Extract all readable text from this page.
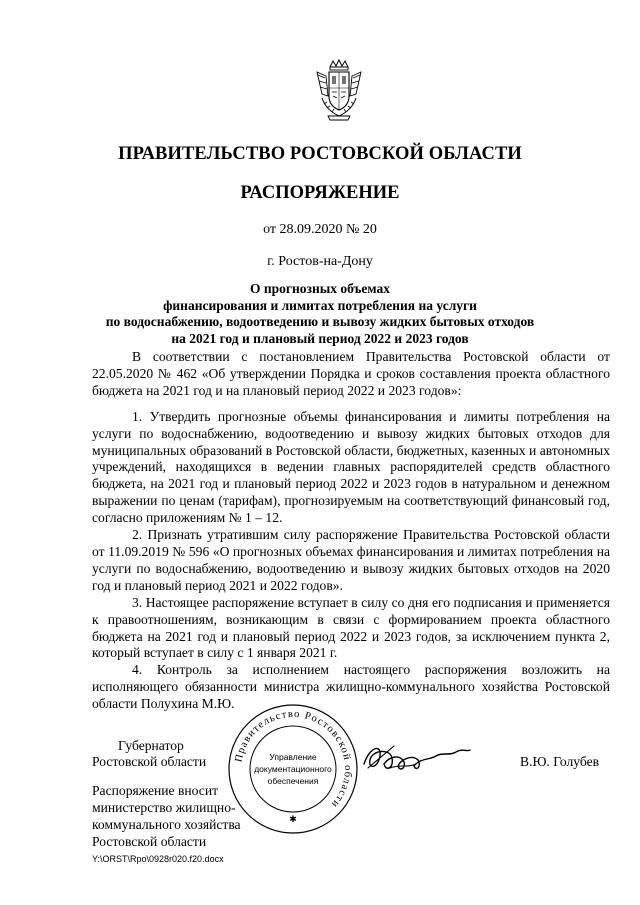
ПРАВИТЕЛЬСТВО РОСТОВСКОЙ ОБЛАСТИ
РАСПОРЯЖЕНИЕ
от 28.09.2020 № 20
г. Ростов-на-Дону
О прогнозных объемах
финансирования и лимитах потребления на услуги
по водоснабжению, водоотведению и вывозу жидких бытовых отходов
на 2021 год и плановый период 2022 и 2023 годов

В соответствии с постановлением Правительства Ростовской области от 22.05.2020 № 462 «Об утверждении Порядка и сроков составления проекта областного бюджета на 2021 год и на плановый период 2022 и 2023 годов»:

1. Утвердить прогнозные объемы финансирования и лимиты потребления на услуги по водоснабжению, водоотведению и вывозу жидких бытовых отходов для муниципальных образований в Ростовской области, бюджетных, казенных и автономных учреждений, находящихся в ведении главных распорядителей средств областного бюджета, на 2021 год и плановый период 2022 и 2023 годов в натуральном и денежном выражении по ценам (тарифам), прогнозируемым на соответствующий финансовый год, согласно приложениям № 1 – 12.

2. Признать утратившим силу распоряжение Правительства Ростовской области от 11.09.2019 № 596 «О прогнозных объемах финансирования и лимитах потребления на услуги по водоснабжению, водоотведению и вывозу жидких бытовых отходов на 2020 год и плановый период 2021 и 2022 годов».

3. Настоящее распоряжение вступает в силу со дня его подписания и применяется к правоотношениям, возникающим в связи с формированием проекта областного бюджета на 2021 год и плановый период 2022 и 2023 годов, за исключением пункта 2, который вступает в силу с 1 января 2021 г.

4. Контроль за исполнением настоящего распоряжения возложить на исполняющего обязанности министра жилищно-коммунального хозяйства Ростовской области Полухина М.Ю.

Правительство Ростовской области
Управление
документационного
обеспечения
✱
Губернатор
Ростовской области	В.Ю. Голубев
Распоряжение вносит
министерство жилищно-
коммунального хозяйства
Ростовской области
Y:\ORST\Rpo\0928r020.f20.docx
